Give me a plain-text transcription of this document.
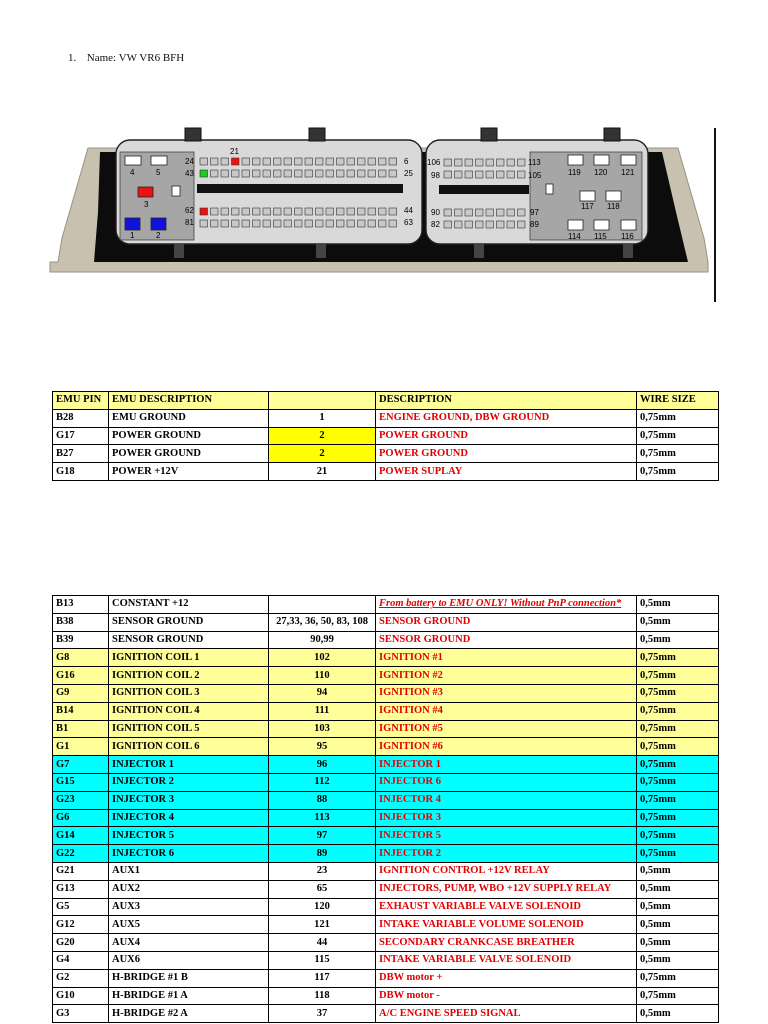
1. Name: VW VR6 BFH
21
24
43
62
81
6
25
44
63
4	5
3
1	2
106
98
90
82
113
105
97
89
119 120 121
117 118
114 115 116
EMU PIN	EMU DESCRIPTION		DESCRIPTION	WIRE SIZE
B28	EMU GROUND	1	ENGINE GROUND, DBW GROUND	0,75mm
G17	POWER GROUND	2	POWER GROUND	0,75mm
B27	POWER GROUND	2	POWER GROUND	0,75mm
G18	POWER +12V	21	POWER SUPLAY	0,75mm
B13	CONSTANT +12		From battery to EMU ONLY! Without PnP connection*	0,5mm
B38	SENSOR GROUND	27,33, 36, 50, 83, 108	SENSOR GROUND	0,5mm
B39	SENSOR GROUND	90,99	SENSOR GROUND	0,5mm
G8	IGNITION COIL 1	102	IGNITION #1	0,75mm
G16	IGNITION COIL 2	110	IGNITION #2	0,75mm
G9	IGNITION COIL 3	94	IGNITION #3	0,75mm
B14	IGNITION COIL 4	111	IGNITION #4	0,75mm
B1	IGNITION COIL 5	103	IGNITION #5	0,75mm
G1	IGNITION COIL 6	95	IGNITION #6	0,75mm
G7	INJECTOR 1	96	INJECTOR 1	0,75mm
G15	INJECTOR 2	112	INJECTOR 6	0,75mm
G23	INJECTOR 3	88	INJECTOR 4	0,75mm
G6	INJECTOR 4	113	INJECTOR 3	0,75mm
G14	INJECTOR 5	97	INJECTOR 5	0,75mm
G22	INJECTOR 6	89	INJECTOR 2	0,75mm
G21	AUX1	23	IGNITION CONTROL +12V RELAY	0,5mm
G13	AUX2	65	INJECTORS, PUMP, WBO +12V SUPPLY RELAY	0,5mm
G5	AUX3	120	EXHAUST VARIABLE VALVE SOLENOID	0,5mm
G12	AUX5	121	INTAKE VARIABLE VOLUME SOLENOID	0,5mm
G20	AUX4	44	SECONDARY CRANKCASE BREATHER	0,5mm
G4	AUX6	115	INTAKE VARIABLE VALVE SOLENOID	0,5mm
G2	H-BRIDGE #1 B	117	DBW motor +	0,75mm
G10	H-BRIDGE #1 A	118	DBW motor -	0,75mm
G3	H-BRIDGE #2 A	37	A/C ENGINE SPEED SIGNAL	0,5mm
